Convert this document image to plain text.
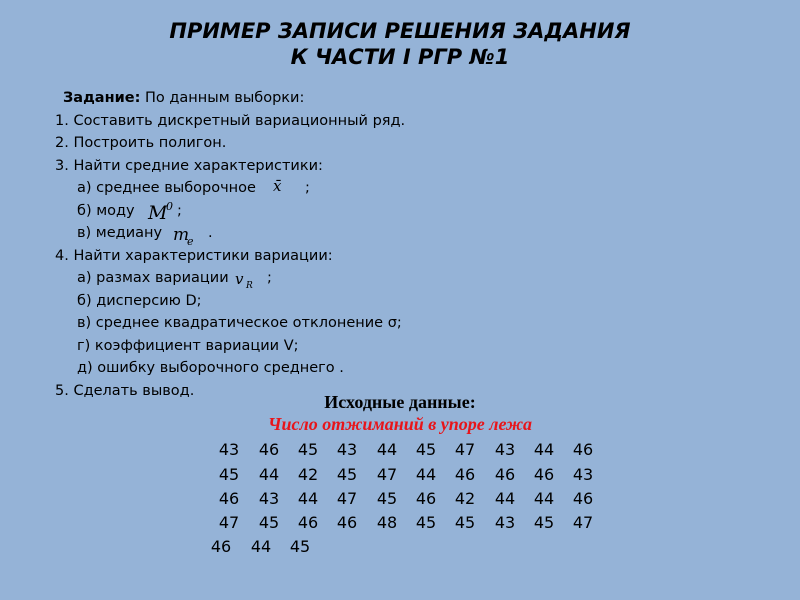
ПРИМЕР ЗАПИСИ РЕШЕНИЯ ЗАДАНИЯ
К ЧАСТИ I РГР №1
Задание: По данным выборки:
1. Составить дискретный вариационный ряд.
2. Построить полигон.
3. Найти средние характеристики:
а) среднее выборочное x̄ ;
б) моду M
0 ;
в) медиану m
e
.
4. Найти характеристики вариации:
а) размах вариации v R ;
б) дисперсию D;
в) среднее квадратическое отклонение σ;
г) коэффициент вариации V;
д) ошибку выборочного среднего .
5. Сделать вывод.
Исходные данные:
Число отжиманий в упоре лежа
43	46	45	43	44	45	47	43	44	46
45	44	42	45	47	44	46	46	46	43
46	43	44	47	45	46	42	44	44	46
47	45	46	46	48	45	45	43	45	47
46	44	45
